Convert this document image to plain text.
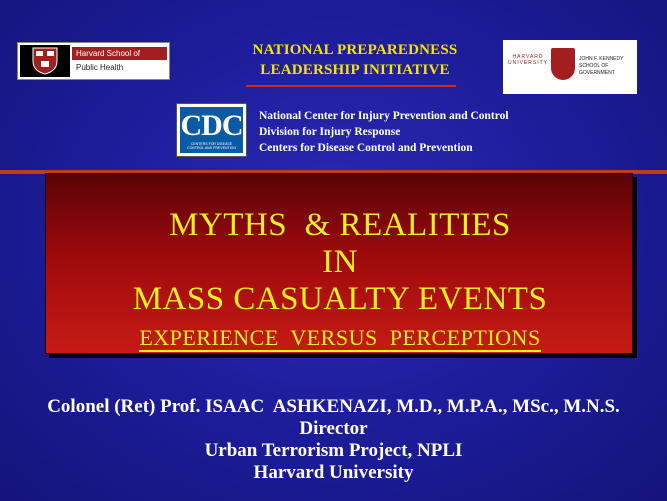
Harvard School of
Public Health
NATIONAL PREPAREDNESS
LEADERSHIP INITIATIVE
HARVARD UNIVERSITY
JOHN F. KENNEDY
SCHOOL OF GOVERNMENT
CDC
CENTERS FOR DISEASE CONTROL AND PREVENTION
National Center for Injury Prevention and Control
Division for Injury Response
Centers for Disease Control and Prevention
MYTHS  & REALITIES
IN
MASS CASUALTY EVENTS
EXPERIENCE  VERSUS  PERCEPTIONS
Colonel (Ret) Prof. ISAAC  ASHKENAZI, M.D., M.P.A., MSc., M.N.S.
Director
Urban Terrorism Project, NPLI
Harvard University
